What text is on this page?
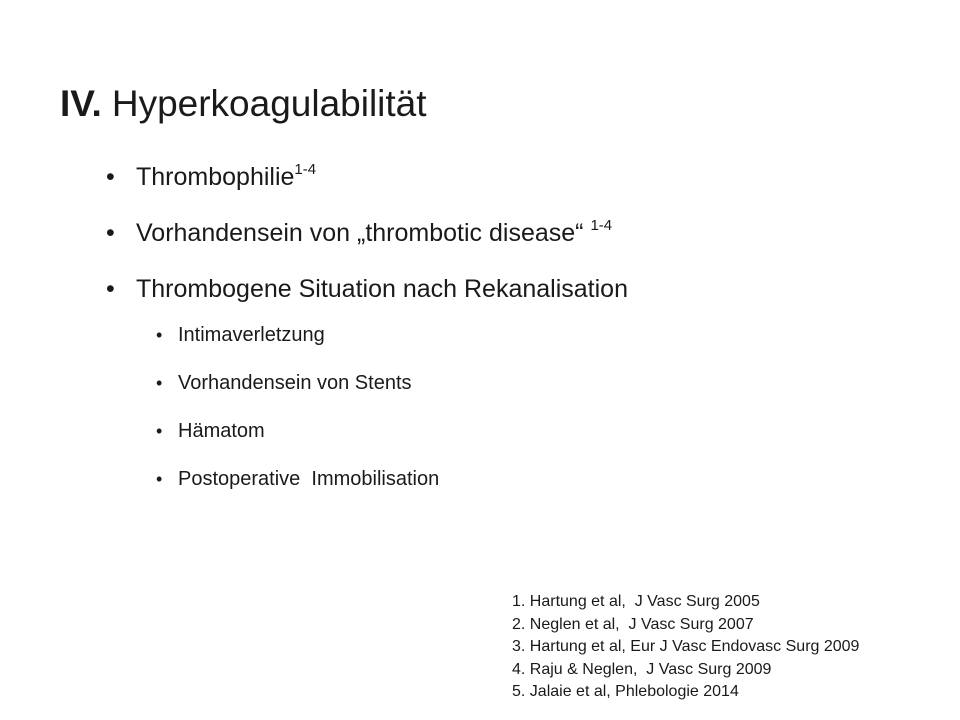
IV. Hyperkoagulabilität
• Thrombophilie$^{1-4}$
• Vorhandensein von „thrombotic disease“ $^{1-4}$
• Thrombogene Situation nach Rekanalisation
• Intimaverletzung
• Vorhandensein von Stents
• Hämatom
• Postoperative  Immobilisation
1. Hartung et al,  J Vasc Surg 2005
2. Neglen et al,  J Vasc Surg 2007
3. Hartung et al, Eur J Vasc Endovasc Surg 2009
4. Raju & Neglen,  J Vasc Surg 2009
5. Jalaie et al, Phlebologie 2014
